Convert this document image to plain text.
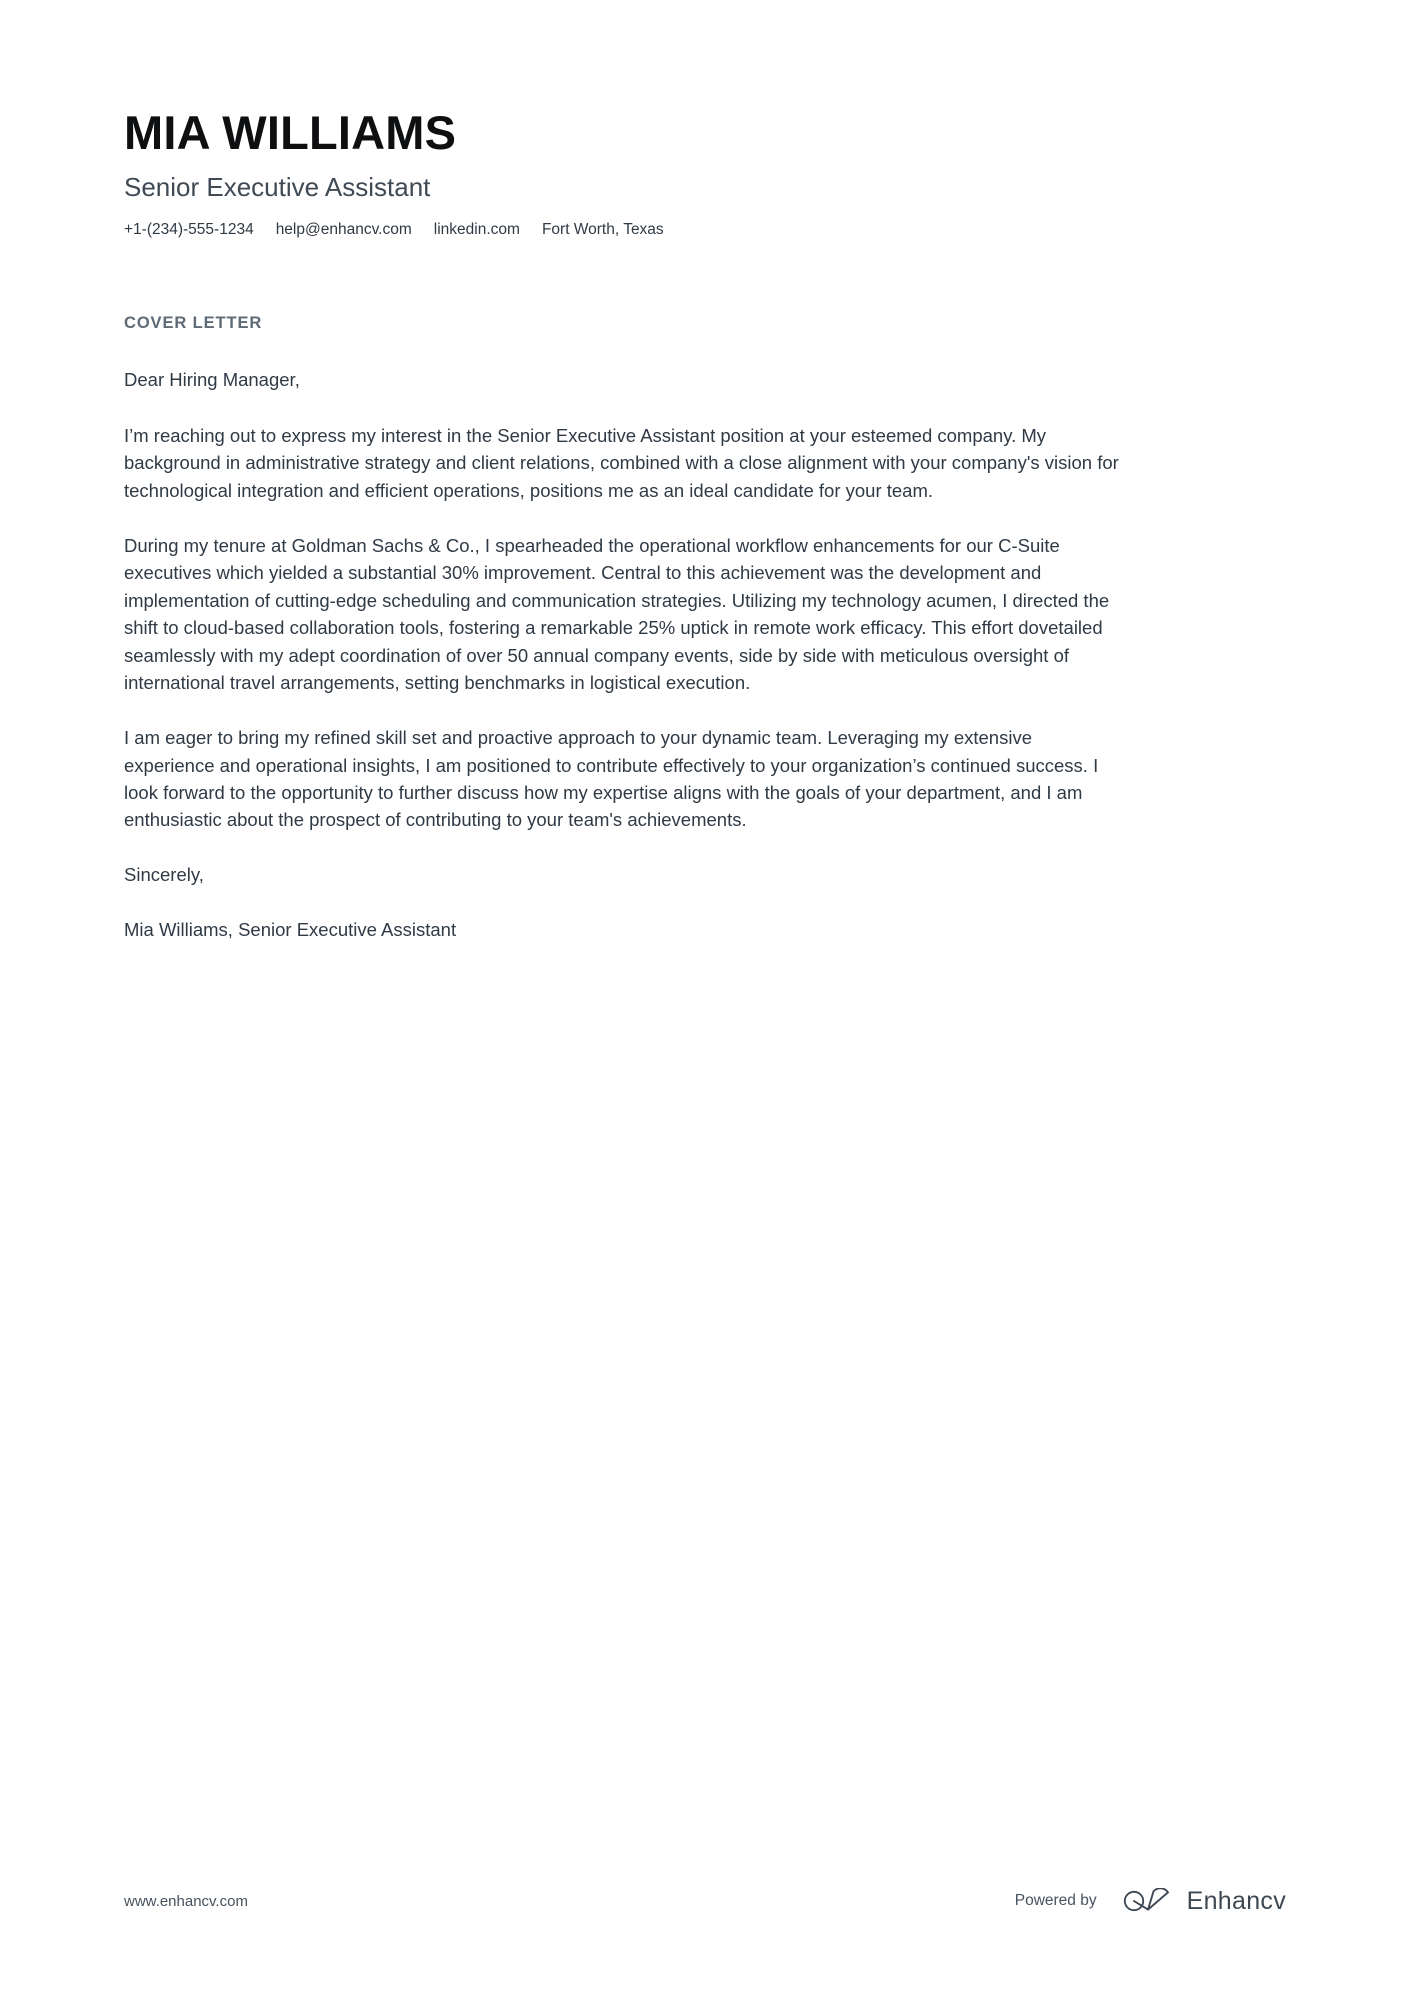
MIA WILLIAMS
Senior Executive Assistant
+1-(234)-555-1234 help@enhancv.com linkedin.com Fort Worth, Texas
COVER LETTER

Dear Hiring Manager,

I’m reaching out to express my interest in the Senior Executive Assistant position at your esteemed company. My background in administrative strategy and client relations, combined with a close alignment with your company's vision for technological integration and efficient operations, positions me as an ideal candidate for your team.

During my tenure at Goldman Sachs & Co., I spearheaded the operational workflow enhancements for our C-Suite executives which yielded a substantial 30% improvement. Central to this achievement was the development and implementation of cutting-edge scheduling and communication strategies. Utilizing my technology acumen, I directed the shift to cloud-based collaboration tools, fostering a remarkable 25% uptick in remote work efficacy. This effort dovetailed seamlessly with my adept coordination of over 50 annual company events, side by side with meticulous oversight of international travel arrangements, setting benchmarks in logistical execution.

I am eager to bring my refined skill set and proactive approach to your dynamic team. Leveraging my extensive experience and operational insights, I am positioned to contribute effectively to your organization’s continued success. I look forward to the opportunity to further discuss how my expertise aligns with the goals of your department, and I am enthusiastic about the prospect of contributing to your team's achievements.

Sincerely,

Mia Williams, Senior Executive Assistant

www.enhancv.com	Powered by	Enhancv
